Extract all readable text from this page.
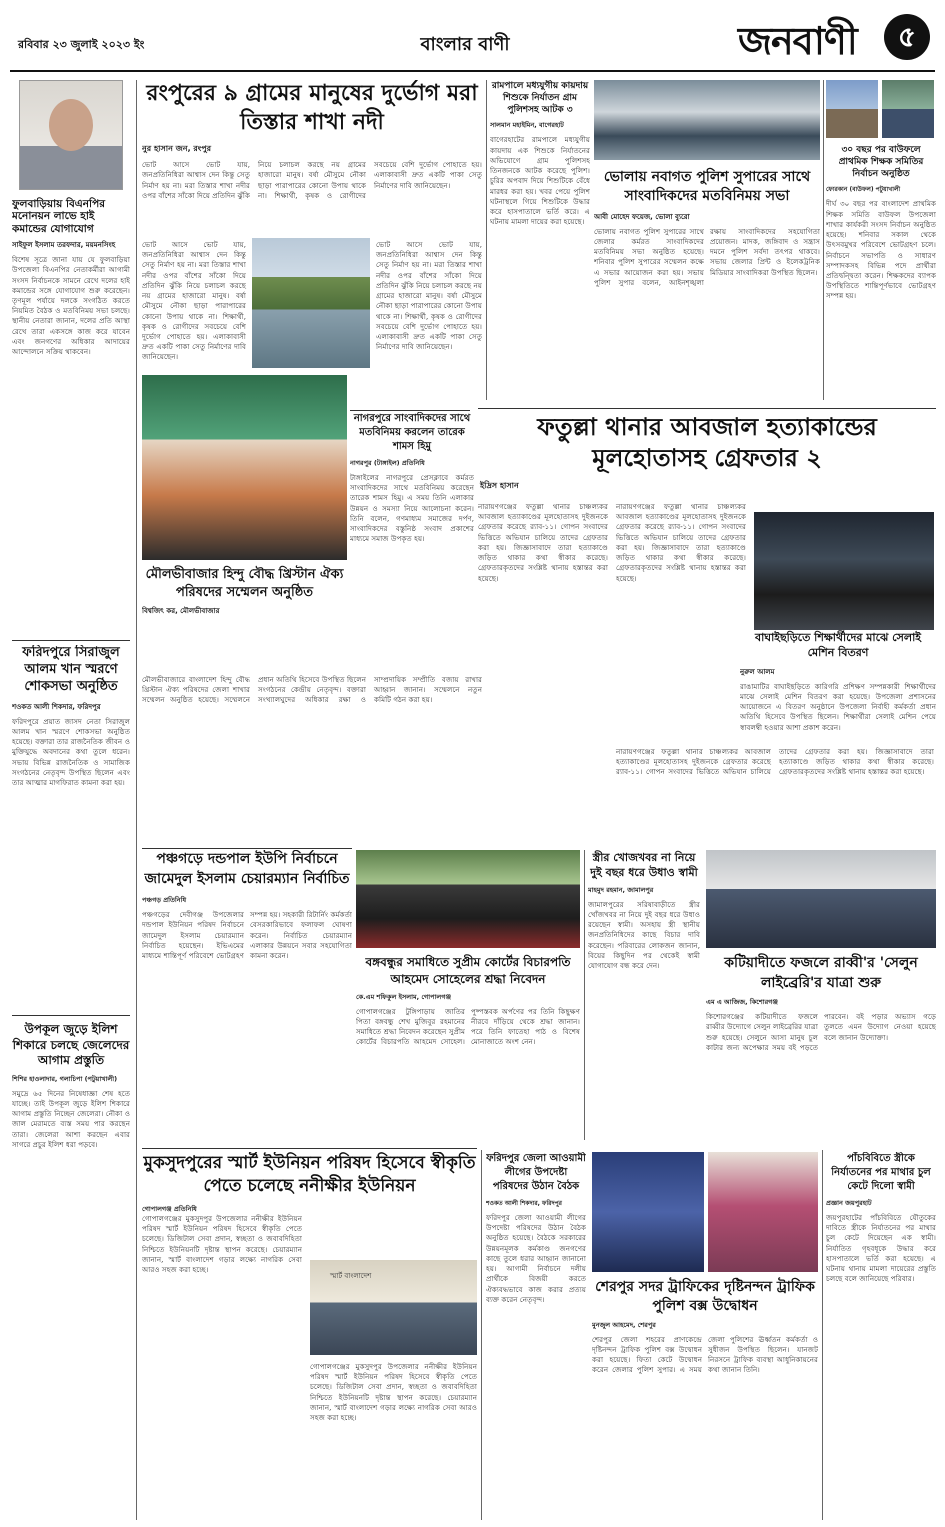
রবিবার ২৩ জুলাই ২০২৩ ইং	বাংলার বাণী	জনবাণী	৫
ফুলবাড়িয়ায় বিএনপির মনোনয়ন লাভে হাই কমান্ডের যোগাযোগ
সাইফুল ইসলাম তরফদার, ময়মনসিংহ
বিশেষ সূত্রে জানা যায় যে ফুলবাড়িয়া উপজেলা বিএনপির নেতাকর্মীরা আগামী সংসদ নির্বাচনকে সামনে রেখে দলের হাই কমান্ডের সঙ্গে যোগাযোগ শুরু করেছেন। তৃণমূল পর্যায়ে দলকে সংগঠিত করতে নিয়মিত বৈঠক ও মতবিনিময় সভা চলছে। স্থানীয় নেতারা জানান, দলের প্রতি আস্থা রেখে তারা একসঙ্গে কাজ করে যাবেন এবং জনগণের অধিকার আদায়ের আন্দোলনে সক্রিয় থাকবেন।
ফরিদপুরে সিরাজুল আলম খান স্মরণে শোকসভা অনুষ্ঠিত
শওকত আলী শিকদার, ফরিদপুর
ফরিদপুরে প্রয়াত জাসদ নেতা সিরাজুল আলম খান স্মরণে শোকসভা অনুষ্ঠিত হয়েছে। বক্তারা তার রাজনৈতিক জীবন ও মুক্তিযুদ্ধে অবদানের কথা তুলে ধরেন। সভায় বিভিন্ন রাজনৈতিক ও সামাজিক সংগঠনের নেতৃবৃন্দ উপস্থিত ছিলেন এবং তার আত্মার মাগফিরাত কামনা করা হয়।
উপকূল জুড়ে ইলিশ শিকারে চলছে জেলেদের আগাম প্রস্তুতি
শিশির হাওলাদার, গলাচিপা (পটুয়াখালী)
সমুদ্রে ৬৫ দিনের নিষেধাজ্ঞা শেষ হতে যাচ্ছে। তাই উপকূল জুড়ে ইলিশ শিকারে আগাম প্রস্তুতি নিচ্ছেন জেলেরা। নৌকা ও জাল মেরামতে ব্যস্ত সময় পার করছেন তারা। জেলেরা আশা করছেন এবার সাগরে প্রচুর ইলিশ ধরা পড়বে।
রংপুরের ৯ গ্রামের মানুষের দুর্ভোগ মরা তিস্তার শাখা নদী
নুর হাসান জন, রংপুর
ভোট আসে ভোট যায়, জনপ্রতিনিধিরা আশ্বাস দেন কিন্তু সেতু নির্মাণ হয় না। মরা তিস্তার শাখা নদীর ওপর বাঁশের সাঁকো দিয়ে প্রতিদিন ঝুঁকি নিয়ে চলাচল করছে নয় গ্রামের হাজারো মানুষ। বর্ষা মৌসুমে নৌকা ছাড়া পারাপারের কোনো উপায় থাকে না। শিক্ষার্থী, কৃষক ও রোগীদের সবচেয়ে বেশি দুর্ভোগ পোহাতে হয়। এলাকাবাসী দ্রুত একটি পাকা সেতু নির্মাণের দাবি জানিয়েছেন।
ভোট আসে ভোট যায়, জনপ্রতিনিধিরা আশ্বাস দেন কিন্তু সেতু নির্মাণ হয় না। মরা তিস্তার শাখা নদীর ওপর বাঁশের সাঁকো দিয়ে প্রতিদিন ঝুঁকি নিয়ে চলাচল করছে নয় গ্রামের হাজারো মানুষ। বর্ষা মৌসুমে নৌকা ছাড়া পারাপারের কোনো উপায় থাকে না। শিক্ষার্থী, কৃষক ও রোগীদের সবচেয়ে বেশি দুর্ভোগ পোহাতে হয়। এলাকাবাসী দ্রুত একটি পাকা সেতু নির্মাণের দাবি জানিয়েছেন।
ভোট আসে ভোট যায়, জনপ্রতিনিধিরা আশ্বাস দেন কিন্তু সেতু নির্মাণ হয় না। মরা তিস্তার শাখা নদীর ওপর বাঁশের সাঁকো দিয়ে প্রতিদিন ঝুঁকি নিয়ে চলাচল করছে নয় গ্রামের হাজারো মানুষ। বর্ষা মৌসুমে নৌকা ছাড়া পারাপারের কোনো উপায় থাকে না। শিক্ষার্থী, কৃষক ও রোগীদের সবচেয়ে বেশি দুর্ভোগ পোহাতে হয়। এলাকাবাসী দ্রুত একটি পাকা সেতু নির্মাণের দাবি জানিয়েছেন।
রামপালে মধ্যযুগীয় কায়দায় শিশুকে নির্যাতন গ্রাম পুলিশসহ আটক ৩
সালমান মহাইমিন, বাগেরহাট
বাগেরহাটের রামপালে মধ্যযুগীয় কায়দায় এক শিশুকে নির্যাতনের অভিযোগে গ্রাম পুলিশসহ তিনজনকে আটক করেছে পুলিশ। চুরির অপবাদ দিয়ে শিশুটিকে বেঁধে মারধর করা হয়। খবর পেয়ে পুলিশ ঘটনাস্থলে গিয়ে শিশুটিকে উদ্ধার করে হাসপাতালে ভর্তি করে। এ ঘটনায় মামলা দায়ের করা হয়েছে।
ভোলায় নবাগত পুলিশ সুপারের সাথে সাংবাদিকদের মতবিনিময় সভা
আবী মোহেদ ফয়েজ, ভোলা ব্যুরো
ভোলায় নবাগত পুলিশ সুপারের সাথে জেলার কর্মরত সাংবাদিকদের মতবিনিময় সভা অনুষ্ঠিত হয়েছে। শনিবার পুলিশ সুপারের সম্মেলন কক্ষে এ সভার আয়োজন করা হয়। সভায় পুলিশ সুপার বলেন, আইনশৃঙ্খলা রক্ষায় সাংবাদিকদের সহযোগিতা প্রয়োজন। মাদক, জঙ্গিবাদ ও সন্ত্রাস দমনে পুলিশ সর্বদা তৎপর থাকবে। সভায় জেলার প্রিন্ট ও ইলেকট্রনিক মিডিয়ার সাংবাদিকরা উপস্থিত ছিলেন।
৩০ বছর পর বাউফলে প্রাথমিক শিক্ষক সমিতির নির্বাচন অনুষ্ঠিত
ফোরকান (বাউফল) পটুয়াখালী
দীর্ঘ ৩০ বছর পর বাংলাদেশ প্রাথমিক শিক্ষক সমিতি বাউফল উপজেলা শাখার কার্যকরী সংসদ নির্বাচন অনুষ্ঠিত হয়েছে। শনিবার সকাল থেকে উৎসবমুখর পরিবেশে ভোটগ্রহণ চলে। নির্বাচনে সভাপতি ও সাধারণ সম্পাদকসহ বিভিন্ন পদে প্রার্থীরা প্রতিদ্বন্দ্বিতা করেন। শিক্ষকদের ব্যাপক উপস্থিতিতে শান্তিপূর্ণভাবে ভোটগ্রহণ সম্পন্ন হয়।
নাগরপুরে সাংবাদিকদের সাথে মতবিনিময় করলেন তারেক শামস হিমু
নাগরপুর (টাঙ্গাইল) প্রতিনিধি
টাঙ্গাইলের নাগরপুরে প্রেসক্লাবে কর্মরত সাংবাদিকদের সাথে মতবিনিময় করেছেন তারেক শামস হিমু। এ সময় তিনি এলাকার উন্নয়ন ও সমস্যা নিয়ে আলোচনা করেন। তিনি বলেন, গণমাধ্যম সমাজের দর্পণ, সাংবাদিকদের বস্তুনিষ্ঠ সংবাদ প্রকাশের মাধ্যমে সমাজ উপকৃত হয়।
মৌলভীবাজার হিন্দু বৌদ্ধ খ্রিস্টান ঐক্য পরিষদের সম্মেলন অনুষ্ঠিত
বিশ্বজিৎ কর, মৌলভীবাজার
মৌলভীবাজারে বাংলাদেশ হিন্দু বৌদ্ধ খ্রিস্টান ঐক্য পরিষদের জেলা শাখার সম্মেলন অনুষ্ঠিত হয়েছে। সম্মেলনে প্রধান অতিথি হিসেবে উপস্থিত ছিলেন সংগঠনের কেন্দ্রীয় নেতৃবৃন্দ। বক্তারা সংখ্যালঘুদের অধিকার রক্ষা ও সাম্প্রদায়িক সম্প্রীতি বজায় রাখার আহ্বান জানান। সম্মেলনে নতুন কমিটি গঠন করা হয়।
ফতুল্লা থানার আবজাল হত্যাকান্ডের মূলহোতাসহ গ্রেফতার ২
ইদ্রিস হাসান
নারায়ণগঞ্জের ফতুল্লা থানার চাঞ্চল্যকর আবজাল হত্যাকাণ্ডের মূলহোতাসহ দুইজনকে গ্রেফতার করেছে র‌্যাব-১১। গোপন সংবাদের ভিত্তিতে অভিযান চালিয়ে তাদের গ্রেফতার করা হয়। জিজ্ঞাসাবাদে তারা হত্যাকাণ্ডে জড়িত থাকার কথা স্বীকার করেছে। গ্রেফতারকৃতদের সংশ্লিষ্ট থানায় হস্তান্তর করা হয়েছে।
নারায়ণগঞ্জের ফতুল্লা থানার চাঞ্চল্যকর আবজাল হত্যাকাণ্ডের মূলহোতাসহ দুইজনকে গ্রেফতার করেছে র‌্যাব-১১। গোপন সংবাদের ভিত্তিতে অভিযান চালিয়ে তাদের গ্রেফতার করা হয়। জিজ্ঞাসাবাদে তারা হত্যাকাণ্ডে জড়িত থাকার কথা স্বীকার করেছে। গ্রেফতারকৃতদের সংশ্লিষ্ট থানায় হস্তান্তর করা হয়েছে।
নারায়ণগঞ্জের ফতুল্লা থানার চাঞ্চল্যকর আবজাল হত্যাকাণ্ডের মূলহোতাসহ দুইজনকে গ্রেফতার করেছে র‌্যাব-১১। গোপন সংবাদের ভিত্তিতে অভিযান চালিয়ে তাদের গ্রেফতার করা হয়। জিজ্ঞাসাবাদে তারা হত্যাকাণ্ডে জড়িত থাকার কথা স্বীকার করেছে। গ্রেফতারকৃতদের সংশ্লিষ্ট থানায় হস্তান্তর করা হয়েছে।
বাঘাইছড়িতে শিক্ষার্থীদের মাঝে সেলাই মেশিন বিতরণ
নুরুল আলম
রাঙামাটির বাঘাইছড়িতে কারিগরি প্রশিক্ষণ সম্পন্নকারী শিক্ষার্থীদের মাঝে সেলাই মেশিন বিতরণ করা হয়েছে। উপজেলা প্রশাসনের আয়োজনে এ বিতরণ অনুষ্ঠানে উপজেলা নির্বাহী কর্মকর্তা প্রধান অতিথি হিসেবে উপস্থিত ছিলেন। শিক্ষার্থীরা সেলাই মেশিন পেয়ে স্বাবলম্বী হওয়ার আশা প্রকাশ করেন।
পঞ্চগড়ে দন্ডপাল ইউপি নির্বাচনে জামেদুল ইসলাম চেয়ারম্যান নির্বাচিত
পঞ্চগড় প্রতিনিধি
পঞ্চগড়ের দেবীগঞ্জ উপজেলার দন্ডপাল ইউনিয়ন পরিষদ নির্বাচনে জামেদুল ইসলাম চেয়ারম্যান নির্বাচিত হয়েছেন। ইভিএমের মাধ্যমে শান্তিপূর্ণ পরিবেশে ভোটগ্রহণ সম্পন্ন হয়। সহকারী রিটার্নিং কর্মকর্তা বেসরকারিভাবে ফলাফল ঘোষণা করেন। নির্বাচিত চেয়ারম্যান এলাকার উন্নয়নে সবার সহযোগিতা কামনা করেন।	বঙ্গবন্ধুর সমাধিতে সুপ্রীম কোর্টের বিচারপতি আহমেদ সোহেলের শ্রদ্ধা নিবেদন
কে.এম শফিকুল ইসলাম, গোপালগঞ্জ
গোপালগঞ্জের টুঙ্গিপাড়ায় জাতির পিতা বঙ্গবন্ধু শেখ মুজিবুর রহমানের সমাধিতে শ্রদ্ধা নিবেদন করেছেন সুপ্রীম কোর্টের বিচারপতি আহমেদ সোহেল। পুষ্পস্তবক অর্পণের পর তিনি কিছুক্ষণ নীরবে দাঁড়িয়ে থেকে শ্রদ্ধা জানান। পরে তিনি ফাতেহা পাঠ ও বিশেষ মোনাজাতে অংশ নেন।
স্ত্রীর খোজখবর না নিয়ে দুই বছর ধরে উধাও স্বামী
মাহমুদ রহমান, জামালপুর
জামালপুরের সরিষাবাড়ীতে স্ত্রীর খোঁজখবর না নিয়ে দুই বছর ধরে উধাও রয়েছেন স্বামী। অসহায় স্ত্রী স্থানীয় জনপ্রতিনিধিদের কাছে বিচার দাবি করেছেন। পরিবারের লোকজন জানান, বিয়ের কিছুদিন পর থেকেই স্বামী যোগাযোগ বন্ধ করে দেন।	কটিয়াদীতে ফজলে রাব্বী'র 'সেলুন লাইব্রেরি'র যাত্রা শুরু
এম এ আজিজ, কিশোরগঞ্জ
কিশোরগঞ্জের কটিয়াদীতে ফজলে রাব্বীর উদ্যোগে সেলুন লাইব্রেরির যাত্রা শুরু হয়েছে। সেলুনে আসা মানুষ চুল কাটার জন্য অপেক্ষার সময় বই পড়তে পারবেন। বই পড়ার অভ্যাস গড়ে তুলতে এমন উদ্যোগ নেওয়া হয়েছে বলে জানান উদ্যোক্তা।
মুকসুদপুরের স্মার্ট ইউনিয়ন পরিষদ হিসেবে স্বীকৃতি পেতে চলেছে ননীক্ষীর ইউনিয়ন
গোপালগঞ্জ প্রতিনিধি
গোপালগঞ্জের মুকসুদপুর উপজেলার ননীক্ষীর ইউনিয়ন পরিষদ স্মার্ট ইউনিয়ন পরিষদ হিসেবে স্বীকৃতি পেতে চলেছে। ডিজিটাল সেবা প্রদান, স্বচ্ছতা ও জবাবদিহিতা নিশ্চিতে ইউনিয়নটি দৃষ্টান্ত স্থাপন করেছে। চেয়ারম্যান জানান, স্মার্ট বাংলাদেশ গড়ার লক্ষ্যে নাগরিক সেবা আরও সহজ করা হচ্ছে।
স্মার্ট বাংলাদেশ
গোপালগঞ্জের মুকসুদপুর উপজেলার ননীক্ষীর ইউনিয়ন পরিষদ স্মার্ট ইউনিয়ন পরিষদ হিসেবে স্বীকৃতি পেতে চলেছে। ডিজিটাল সেবা প্রদান, স্বচ্ছতা ও জবাবদিহিতা নিশ্চিতে ইউনিয়নটি দৃষ্টান্ত স্থাপন করেছে। চেয়ারম্যান জানান, স্মার্ট বাংলাদেশ গড়ার লক্ষ্যে নাগরিক সেবা আরও সহজ করা হচ্ছে।
ফরিদপুর জেলা আওয়ামী লীগের উপদেষ্টা পরিষদের উঠান বৈঠক
শওকত আলী শিকদার, ফরিদপুর
ফরিদপুর জেলা আওয়ামী লীগের উপদেষ্টা পরিষদের উঠান বৈঠক অনুষ্ঠিত হয়েছে। বৈঠকে সরকারের উন্নয়নমূলক কর্মকাণ্ড জনগণের কাছে তুলে ধরার আহ্বান জানানো হয়। আগামী নির্বাচনে দলীয় প্রার্থীকে বিজয়ী করতে ঐক্যবদ্ধভাবে কাজ করার প্রত্যয় ব্যক্ত করেন নেতৃবৃন্দ।
শেরপুর সদর ট্রাফিকের দৃষ্টিনন্দন ট্রাফিক পুলিশ বক্স উদ্বোধন
মুনজুল আহমেদ, শেরপুর
শেরপুর জেলা শহরের প্রাণকেন্দ্রে দৃষ্টিনন্দন ট্রাফিক পুলিশ বক্স উদ্বোধন করা হয়েছে। ফিতা কেটে উদ্বোধন করেন জেলার পুলিশ সুপার। এ সময় জেলা পুলিশের ঊর্ধ্বতন কর্মকর্তা ও সুধীজন উপস্থিত ছিলেন। যানজট নিরসনে ট্রাফিক ব্যবস্থা আধুনিকায়নের কথা জানান তিনি।
পাঁচবিবিতে স্ত্রীকে নির্যাতনের পর মাথার চুল কেটে দিলো স্বামী
প্রজ্ঞান জয়পুরহাট
জয়পুরহাটের পাঁচবিবিতে যৌতুকের দাবিতে স্ত্রীকে নির্যাতনের পর মাথার চুল কেটে দিয়েছেন এক স্বামী। নির্যাতিত গৃহবধূকে উদ্ধার করে হাসপাতালে ভর্তি করা হয়েছে। এ ঘটনায় থানায় মামলা দায়েরের প্রস্তুতি চলছে বলে জানিয়েছে পরিবার।
